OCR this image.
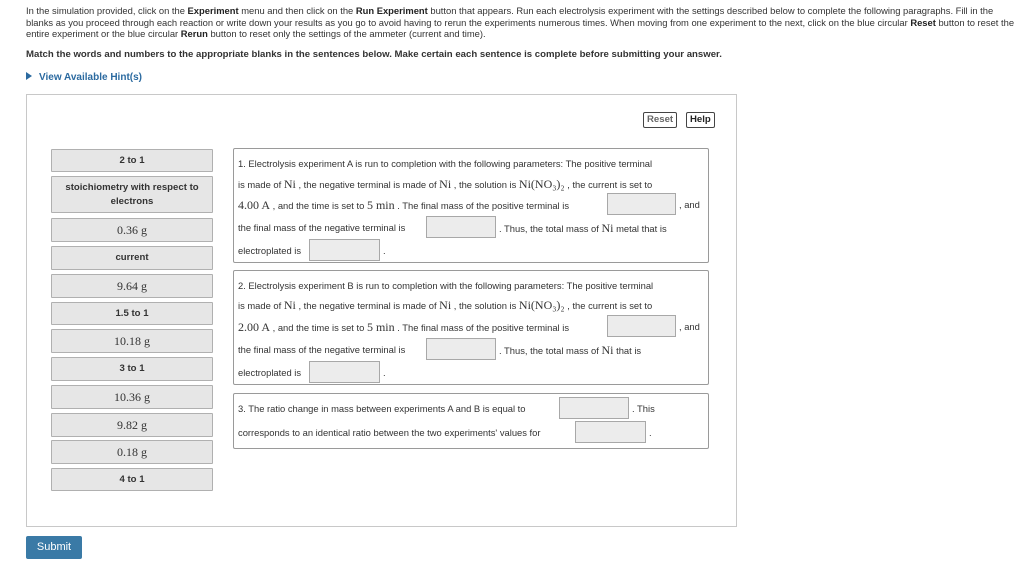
In the simulation provided, click on the Experiment menu and then click on the Run Experiment button that appears. Run each electrolysis experiment with the settings described below to complete the following paragraphs. Fill in the blanks as you proceed through each reaction or write down your results as you go to avoid having to rerun the experiments numerous times. When moving from one experiment to the next, click on the blue circular Reset button to reset the entire experiment or the blue circular Rerun button to reset only the settings of the ammeter (current and time).
Match the words and numbers to the appropriate blanks in the sentences below. Make certain each sentence is complete before submitting your answer.
View Available Hint(s)
Reset	Help
2 to 1
stoichiometry with respect to electrons
0.36 g
current
9.64 g
1.5 to 1
10.18 g
3 to 1
10.36 g
9.82 g
0.18 g
4 to 1
1. Electrolysis experiment A is run to completion with the following parameters: The positive terminal
is made of Ni , the negative terminal is made of Ni , the solution is Ni(NO₃)₂ , the current is set to
4.00 A , and the time is set to 5 min . The final mass of the positive terminal is	, and
the final mass of the negative terminal is	. Thus, the total mass of Ni metal that is
electroplated is	.
2. Electrolysis experiment B is run to completion with the following parameters: The positive terminal
is made of Ni , the negative terminal is made of Ni , the solution is Ni(NO₃)₂ , the current is set to
2.00 A , and the time is set to 5 min . The final mass of the positive terminal is	, and
the final mass of the negative terminal is	. Thus, the total mass of Ni that is
electroplated is	.
3. The ratio change in mass between experiments A and B is equal to	. This
corresponds to an identical ratio between the two experiments' values for	.
Submit
